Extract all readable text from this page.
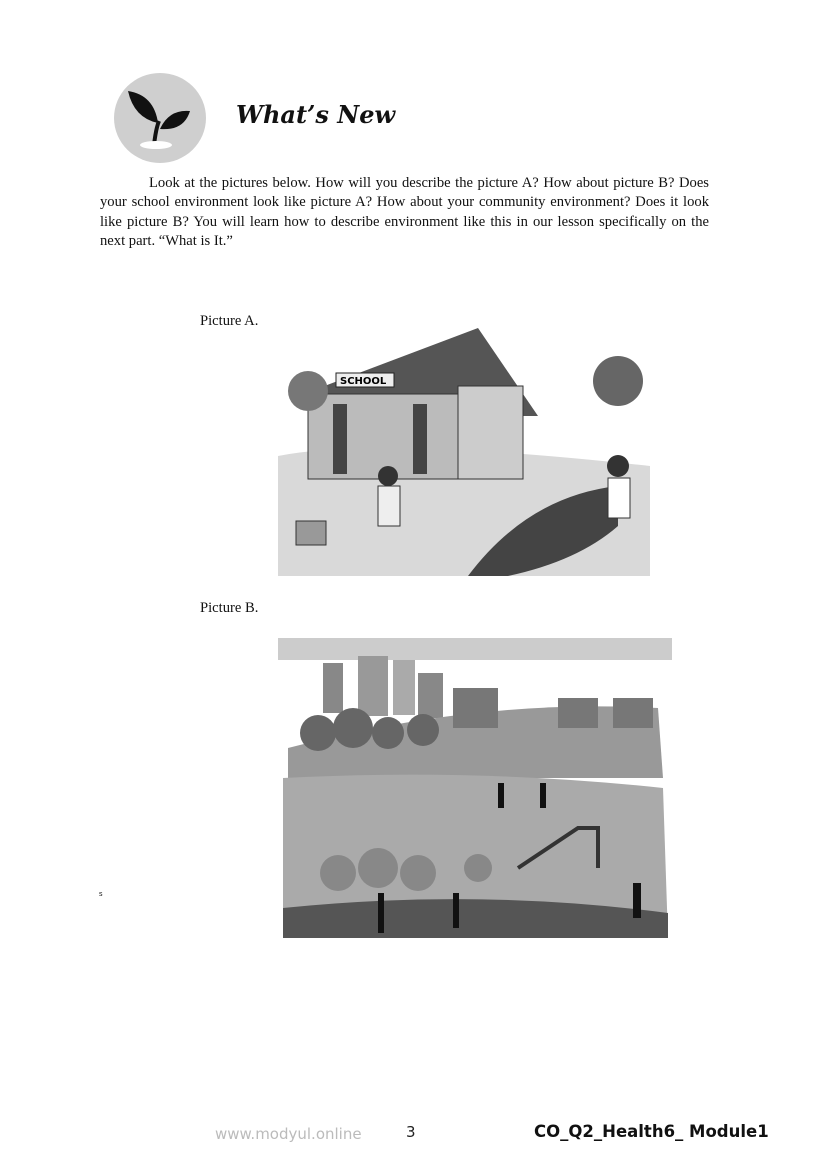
What’s New

Look at the pictures below. How will you describe the picture A? How about picture B? Does your school environment look like picture A? How about your community environment? Does it look like picture B? You will learn how to describe environment like this in our lesson specifically on the next part. “What is It.”

Picture A.
SCHOOL
Picture B.
s
www.modyul.online	3	CO_Q2_Health6_ Module1
